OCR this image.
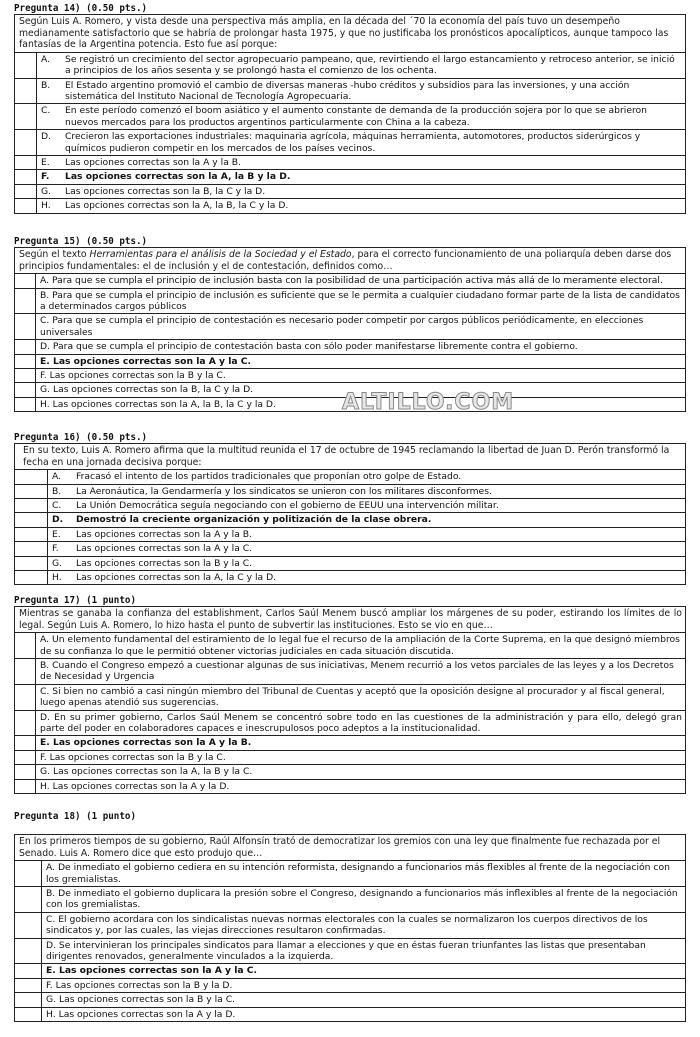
Pregunta 14) (0.50 pts.)
Según Luis A. Romero, y vista desde una perspectiva más amplia, en la década del ´70 la economía del país tuvo un desempeño medianamente satisfactorio que se habría de prolongar hasta 1975, y que no justificaba los pronósticos apocalípticos, aunque tampoco las fantasías de la Argentina potencia. Esto fue así porque:
A.	Se registró un crecimiento del sector agropecuario pampeano, que, revirtiendo el largo estancamiento y retroceso anterior, se inició a principios de los años sesenta y se prolongó hasta el comienzo de los ochenta.
B.	El Estado argentino promovió el cambio de diversas maneras -hubo créditos y subsidios para las inversiones, y una acción sistemática del Instituto Nacional de Tecnología Agropecuaria.
C.	En este período comenzó el boom asiático y el aumento constante de demanda de la producción sojera por lo que se abrieron nuevos mercados para los productos argentinos particularmente con China a la cabeza.
D.	Crecieron las exportaciones industriales: maquinaria agrícola, máquinas herramienta, automotores, productos siderúrgicos y químicos pudieron competir en los mercados de los países vecinos.
E.	Las opciones correctas son la A y la B.
F.	Las opciones correctas son la A, la B y la D.
G.	Las opciones correctas son la B, la C y la D.
H.	Las opciones correctas son la A, la B, la C y la D.
Pregunta 15) (0.50 pts.)
Según el texto Herramientas para el análisis de la Sociedad y el Estado, para el correcto funcionamiento de una poliarquía deben darse dos principios fundamentales: el de inclusión y el de contestación, definidos como…
A. Para que se cumpla el principio de inclusión basta con la posibilidad de una participación activa más allá de lo meramente electoral.
B. Para que se cumpla el principio de inclusión es suficiente que se le permita a cualquier ciudadano formar parte de la lista de candidatos a determinados cargos públicos
C. Para que se cumpla el principio de contestación es necesario poder competir por cargos públicos periódicamente, en elecciones universales
D. Para que se cumpla el principio de contestación basta con sólo poder manifestarse libremente contra el gobierno.
E. Las opciones correctas son la A y la C.
F. Las opciones correctas son la B y la C.
G. Las opciones correctas son la B, la C y la D.
H. Las opciones correctas son la A, la B, la C y la D.
Pregunta 16) (0.50 pts.)
En su texto, Luis A. Romero afirma que la multitud reunida el 17 de octubre de 1945 reclamando la libertad de Juan D. Perón transformó la fecha en una jornada decisiva porque:
A.	Fracasó el intento de los partidos tradicionales que proponían otro golpe de Estado.
B.	La Aeronáutica, la Gendarmería y los sindicatos se unieron con los militares disconformes.
C.	La Unión Democrática seguía negociando con el gobierno de EEUU una intervención militar.
D.	Demostró la creciente organización y politización de la clase obrera.
E.	Las opciones correctas son la A y la B.
F.	Las opciones correctas son la A y la C.
G.	Las opciones correctas son la B y la C.
H.	Las opciones correctas son la A, la C y la D.
Pregunta 17) (1 punto)
Mientras se ganaba la confianza del establishment, Carlos Saúl Menem buscó ampliar los márgenes de su poder, estirando los límites de lo legal. Según Luis A. Romero, lo hizo hasta el punto de subvertir las instituciones. Esto se vio en que…
A. Un elemento fundamental del estiramiento de lo legal fue el recurso de la ampliación de la Corte Suprema, en la que designó miembros de su confianza lo que le permitió obtener victorias judiciales en cada situación discutida.
B. Cuando el Congreso empezó a cuestionar algunas de sus iniciativas, Menem recurrió a los vetos parciales de las leyes y a los Decretos de Necesidad y Urgencia
C. Si bien no cambió a casi ningún miembro del Tribunal de Cuentas y aceptó que la oposición designe al procurador y al fiscal general, luego apenas atendió sus sugerencias.
D. En su primer gobierno, Carlos Saúl Menem se concentró sobre todo en las cuestiones de la administración y para ello, delegó gran parte del poder en colaboradores capaces e inescrupulosos poco adeptos a la institucionalidad.
E. Las opciones correctas son la A y la B.
F. Las opciones correctas son la B y la C.
G. Las opciones correctas son la A, la B y la C.
H. Las opciones correctas son la A y la D.
Pregunta 18) (1 punto)
En los primeros tiempos de su gobierno, Raúl Alfonsín trató de democratizar los gremios con una ley que finalmente fue rechazada por el Senado. Luis A. Romero dice que esto produjo que…
A. De inmediato el gobierno cediera en su intención reformista, designando a funcionarios más flexibles al frente de la negociación con los gremialistas.
B. De inmediato el gobierno duplicara la presión sobre el Congreso, designando a funcionarios más inflexibles al frente de la negociación con los gremialistas.
C. El gobierno acordara con los sindicalistas nuevas normas electorales con la cuales se normalizaron los cuerpos directivos de los sindicatos y, por las cuales, las viejas direcciones resultaron confirmadas.
D. Se intervinieran los principales sindicatos para llamar a elecciones y que en éstas fueran triunfantes las listas que presentaban dirigentes renovados, generalmente vinculados a la izquierda.
E. Las opciones correctas son la A y la C.
F. Las opciones correctas son la B y la D.
G. Las opciones correctas son la B y la C.
H. Las opciones correctas son la A y la D.
ALTILLO.COM
